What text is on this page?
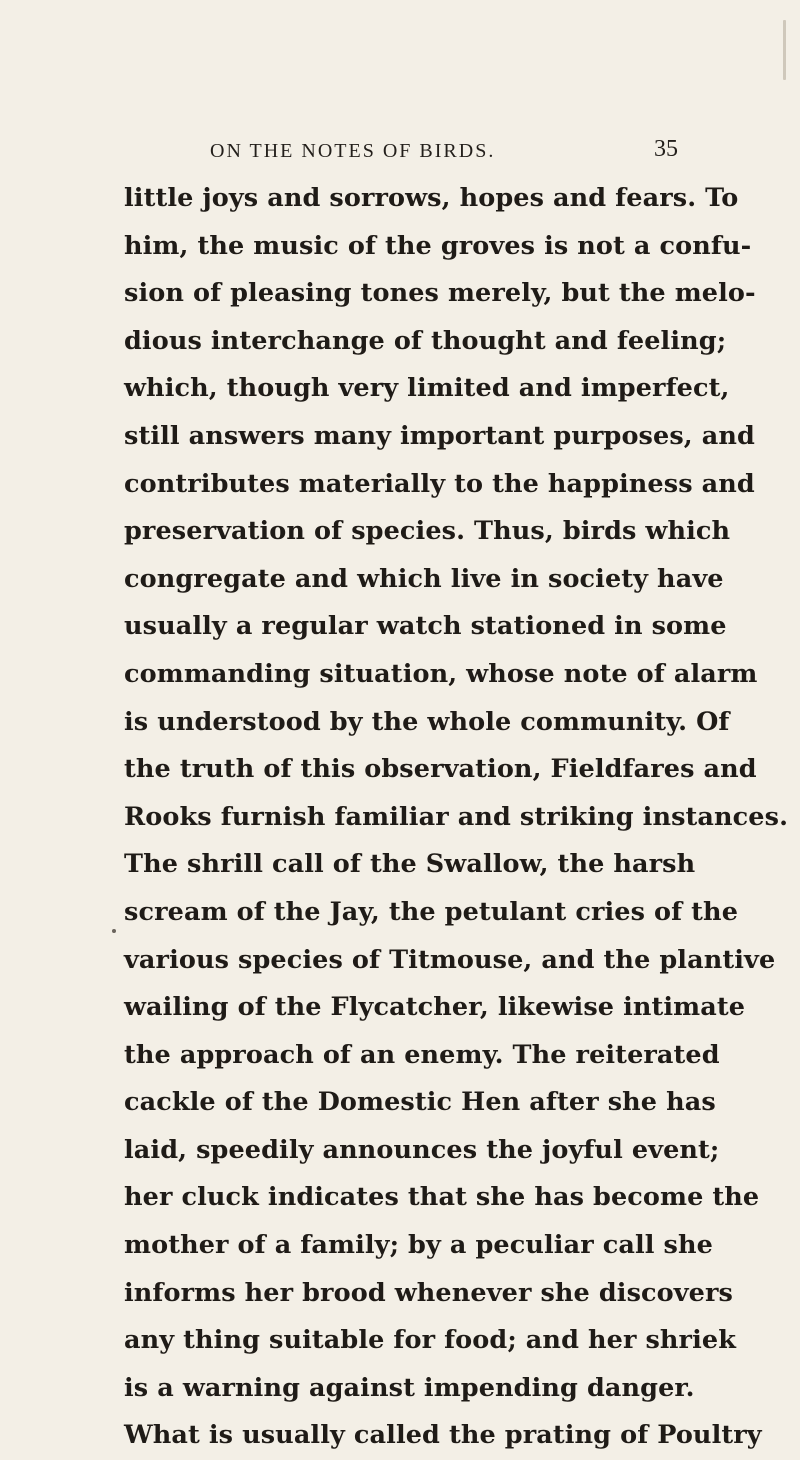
ON THE NOTES OF BIRDS.	35
little joys and sorrows, hopes and fears. To
him, the music of the groves is not a confu-
sion of pleasing tones merely, but the melo-
dious interchange of thought and feeling;
which, though very limited and imperfect,
still answers many important purposes, and
contributes materially to the happiness and
preservation of species. Thus, birds which
congregate and which live in society have
usually a regular watch stationed in some
commanding situation, whose note of alarm
is understood by the whole community. Of
the truth of this observation, Fieldfares and
Rooks furnish familiar and striking instances.
The shrill call of the Swallow, the harsh
scream of the Jay, the petulant cries of the
various species of Titmouse, and the plantive
wailing of the Flycatcher, likewise intimate
the approach of an enemy. The reiterated
cackle of the Domestic Hen after she has
laid, speedily announces the joyful event;
her cluck indicates that she has become the
mother of a family; by a peculiar call she
informs her brood whenever she discovers
any thing suitable for food; and her shriek
is a warning against impending danger.
What is usually called the prating of Poultry
